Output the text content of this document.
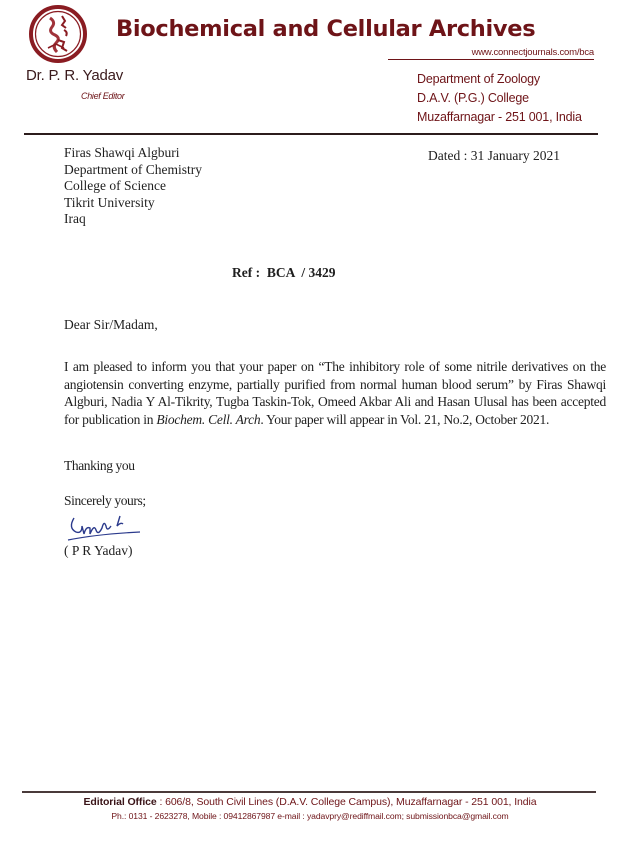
Biochemical and Cellular Archives
www.connectjournals.com/bca
Dr. P. R. Yadav
Chief Editor
Department of Zoology
D.A.V. (P.G.) College
Muzaffarnagar - 251 001, India
Firas Shawqi Algburi
Department of Chemistry
College of Science
Tikrit University
Iraq
Dated : 31 January 2021
Ref :  BCA  / 3429
Dear Sir/Madam,
I am pleased to inform you that your paper on “The inhibitory role of some nitrile derivatives on the angiotensin converting enzyme, partially purified from normal human blood serum” by Firas Shawqi Algburi, Nadia Y Al-Tikrity, Tugba Taskin-Tok, Omeed Akbar Ali and Hasan Ulusal has been accepted for publication in Biochem. Cell. Arch. Your paper will appear in Vol. 21, No.2, October 2021.
Thanking you
Sincerely yours;
( P R Yadav)
Editorial Office : 606/8, South Civil Lines (D.A.V. College Campus), Muzaffarnagar - 251 001, India
Ph.: 0131 - 2623278, Mobile : 09412867987 e-mail : yadavpry@rediffmail.com; submissionbca@gmail.com
